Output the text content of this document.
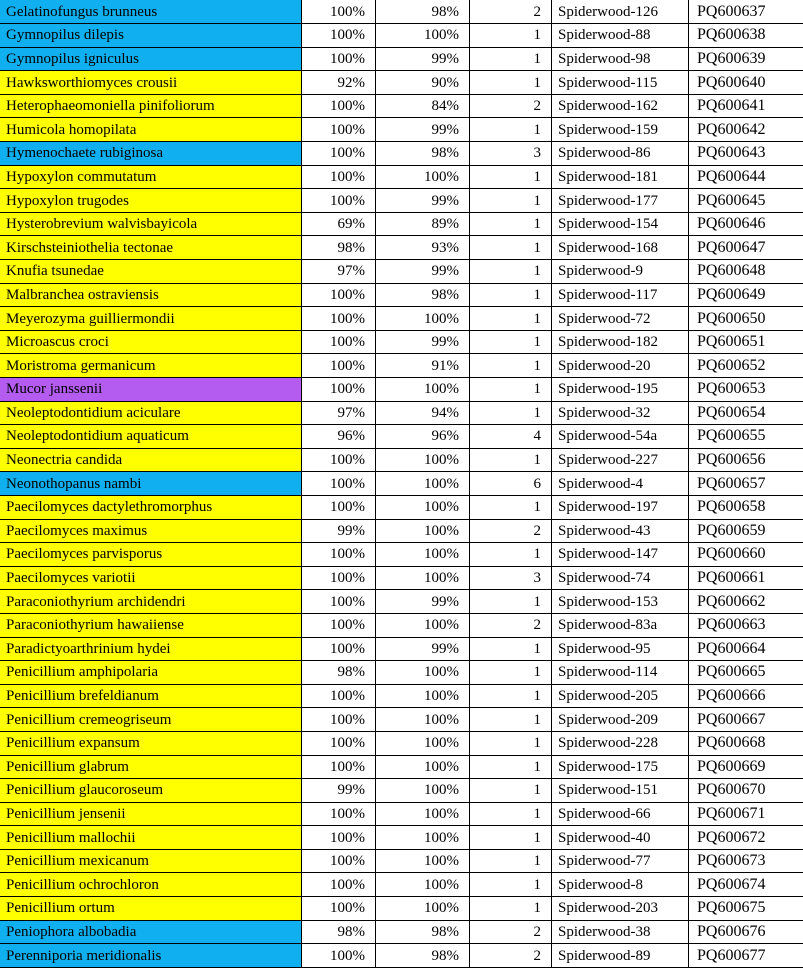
Gelatinofungus brunneus	100%	98%	2	Spiderwood-126	PQ600637
Gymnopilus dilepis	100%	100%	1	Spiderwood-88	PQ600638
Gymnopilus igniculus	100%	99%	1	Spiderwood-98	PQ600639
Hawksworthiomyces crousii	92%	90%	1	Spiderwood-115	PQ600640
Heterophaeomoniella pinifoliorum	100%	84%	2	Spiderwood-162	PQ600641
Humicola homopilata	100%	99%	1	Spiderwood-159	PQ600642
Hymenochaete rubiginosa	100%	98%	3	Spiderwood-86	PQ600643
Hypoxylon commutatum	100%	100%	1	Spiderwood-181	PQ600644
Hypoxylon trugodes	100%	99%	1	Spiderwood-177	PQ600645
Hysterobrevium walvisbayicola	69%	89%	1	Spiderwood-154	PQ600646
Kirschsteiniothelia tectonae	98%	93%	1	Spiderwood-168	PQ600647
Knufia tsunedae	97%	99%	1	Spiderwood-9	PQ600648
Malbranchea ostraviensis	100%	98%	1	Spiderwood-117	PQ600649
Meyerozyma guilliermondii	100%	100%	1	Spiderwood-72	PQ600650
Microascus croci	100%	99%	1	Spiderwood-182	PQ600651
Moristroma germanicum	100%	91%	1	Spiderwood-20	PQ600652
Mucor janssenii	100%	100%	1	Spiderwood-195	PQ600653
Neoleptodontidium aciculare	97%	94%	1	Spiderwood-32	PQ600654
Neoleptodontidium aquaticum	96%	96%	4	Spiderwood-54a	PQ600655
Neonectria candida	100%	100%	1	Spiderwood-227	PQ600656
Neonothopanus nambi	100%	100%	6	Spiderwood-4	PQ600657
Paecilomyces dactylethromorphus	100%	100%	1	Spiderwood-197	PQ600658
Paecilomyces maximus	99%	100%	2	Spiderwood-43	PQ600659
Paecilomyces parvisporus	100%	100%	1	Spiderwood-147	PQ600660
Paecilomyces variotii	100%	100%	3	Spiderwood-74	PQ600661
Paraconiothyrium archidendri	100%	99%	1	Spiderwood-153	PQ600662
Paraconiothyrium hawaiiense	100%	100%	2	Spiderwood-83a	PQ600663
Paradictyoarthrinium hydei	100%	99%	1	Spiderwood-95	PQ600664
Penicillium amphipolaria	98%	100%	1	Spiderwood-114	PQ600665
Penicillium brefeldianum	100%	100%	1	Spiderwood-205	PQ600666
Penicillium cremeogriseum	100%	100%	1	Spiderwood-209	PQ600667
Penicillium expansum	100%	100%	1	Spiderwood-228	PQ600668
Penicillium glabrum	100%	100%	1	Spiderwood-175	PQ600669
Penicillium glaucoroseum	99%	100%	1	Spiderwood-151	PQ600670
Penicillium jensenii	100%	100%	1	Spiderwood-66	PQ600671
Penicillium mallochii	100%	100%	1	Spiderwood-40	PQ600672
Penicillium mexicanum	100%	100%	1	Spiderwood-77	PQ600673
Penicillium ochrochloron	100%	100%	1	Spiderwood-8	PQ600674
Penicillium ortum	100%	100%	1	Spiderwood-203	PQ600675
Peniophora albobadia	98%	98%	2	Spiderwood-38	PQ600676
Perenniporia meridionalis	100%	98%	2	Spiderwood-89	PQ600677
